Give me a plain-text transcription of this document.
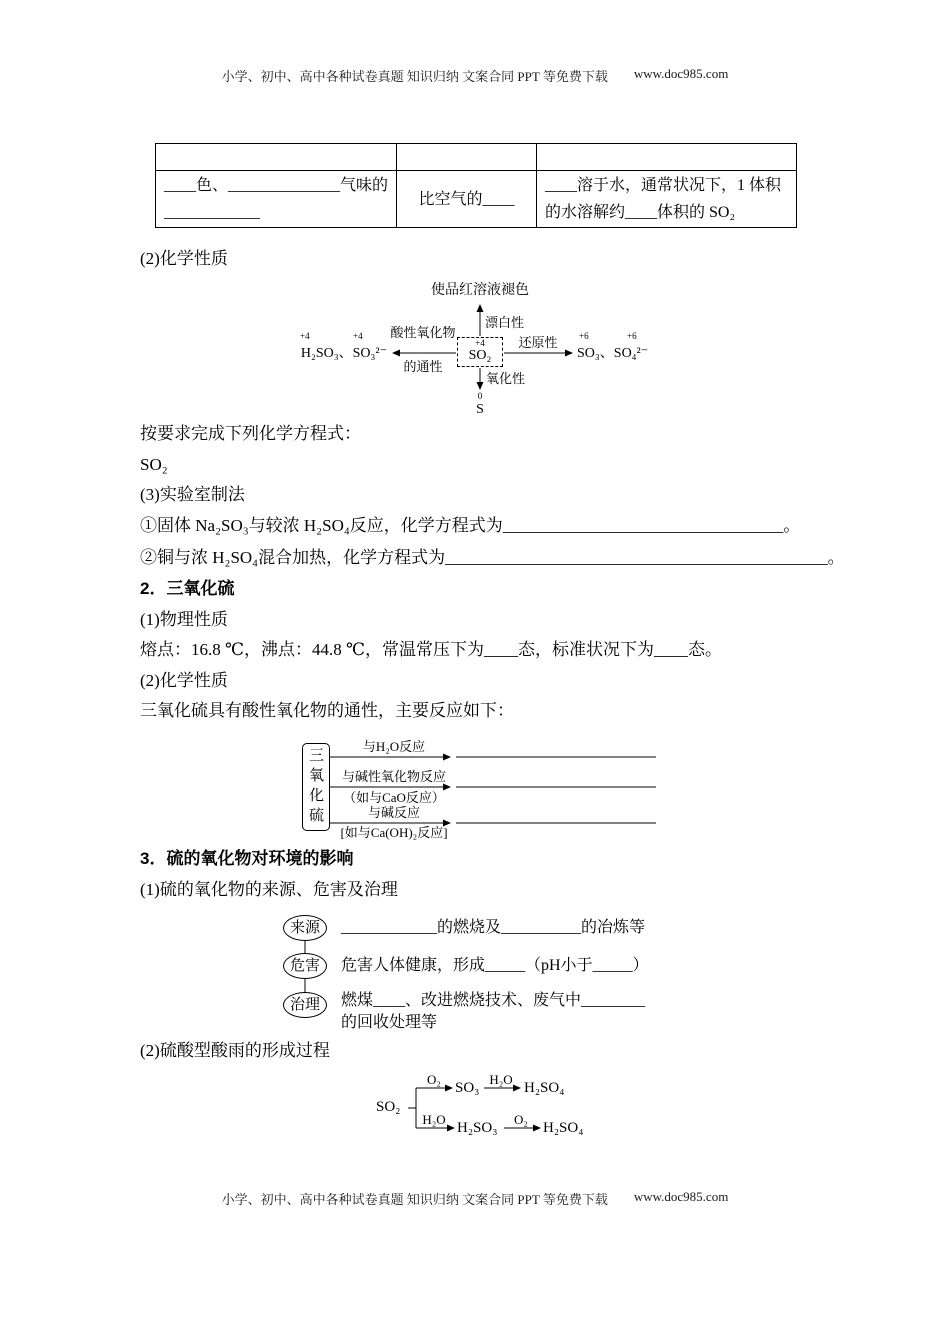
小学、初中、高中各种试卷真题 知识归纳 文案合同 PPT 等免费下载 www.doc985.com

____色、______________气味的____________	比空气的____	____溶于水，通常状况下，1 体积的水溶解约____体积的 SO₂
(2)化学性质
使品红溶液褪色
漂白性
酸性氧化物
的通性
+4	+4
H₂SO₃、SO₃²⁻
+4
SO₂
还原性	+6	+6
SO₃、SO₄²⁻
氧化性
0
S
按要求完成下列化学方程式：
SO₂
(3)实验室制法
①固体 Na₂SO₃与较浓 H₂SO₄反应，化学方程式为_________________________________。
②铜与浓 H₂SO₄混合加热，化学方程式为_____________________________________________。
2．三氧化硫
(1)物理性质
熔点：16.8 ℃，沸点：44.8 ℃，常温常压下为____态，标准状况下为____态。
(2)化学性质
三氧化硫具有酸性氧化物的通性，主要反应如下：
三氧化硫
与H₂O反应
与碱性氧化物反应
（如与CaO反应）
与碱反应
[如与Ca(OH)₂反应]
3．硫的氧化物对环境的影响
(1)硫的氧化物的来源、危害及治理
来源
危害
治理
____________的燃烧及__________的冶炼等
危害人体健康，形成_____（pH小于_____）
燃煤____、改进燃烧技术、废气中________
的回收处理等
(2)硫酸型酸雨的形成过程
SO₂
O₂
SO₃
H₂O
H₂SO₄
H₂O
H₂SO₃
O₂
H₂SO₄
小学、初中、高中各种试卷真题 知识归纳 文案合同 PPT 等免费下载 www.doc985.com
